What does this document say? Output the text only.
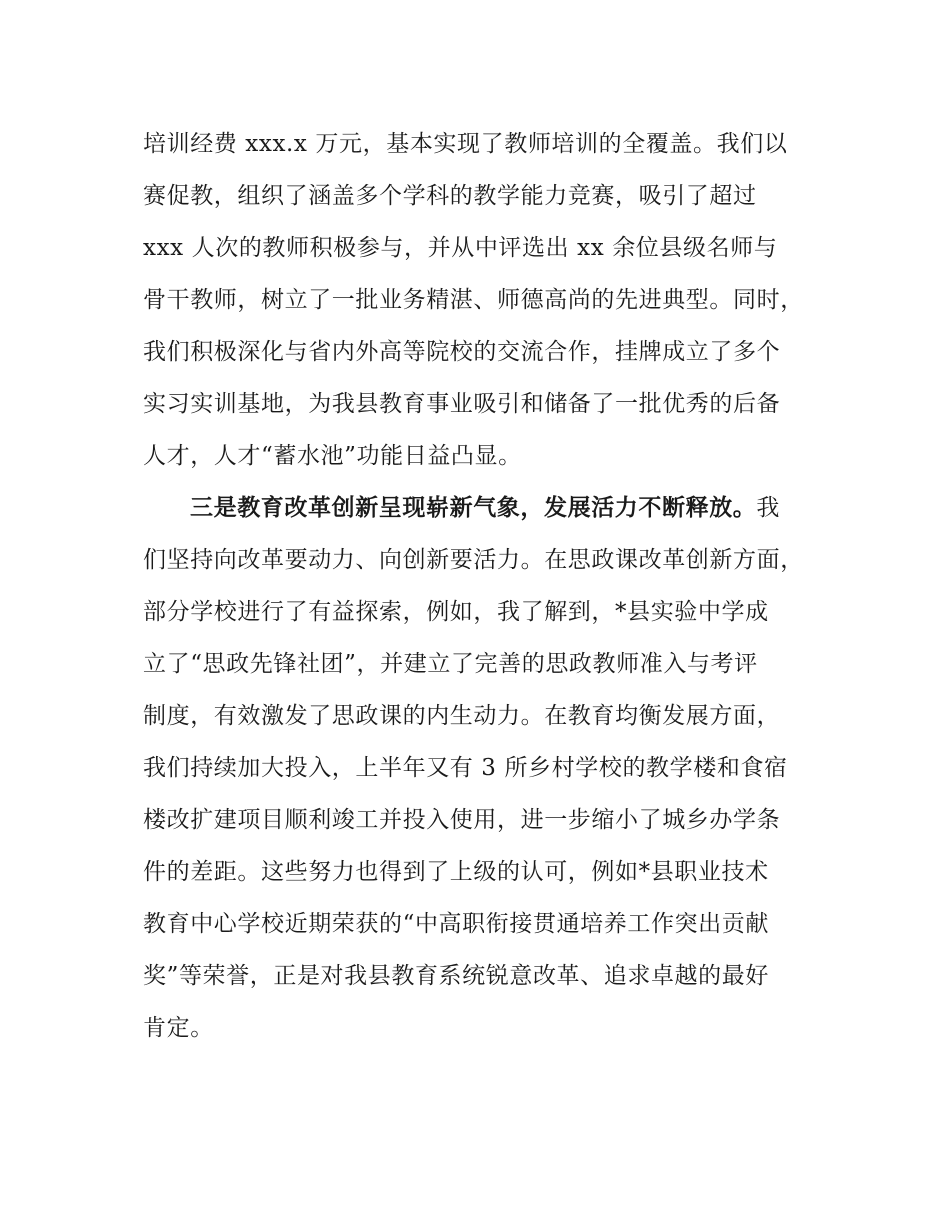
培训经费 xxx.x 万元，基本实现了教师培训的全覆盖。我们以
赛促教，组织了涵盖多个学科的教学能力竞赛，吸引了超过
xxx 人次的教师积极参与，并从中评选出 xx 余位县级名师与
骨干教师，树立了一批业务精湛、师德高尚的先进典型。同时，
我们积极深化与省内外高等院校的交流合作，挂牌成立了多个
实习实训基地，为我县教育事业吸引和储备了一批优秀的后备
人才，人才“蓄水池”功能日益凸显。
三是教育改革创新呈现崭新气象，发展活力不断释放。我
们坚持向改革要动力、向创新要活力。在思政课改革创新方面，
部分学校进行了有益探索，例如，我了解到，*县实验中学成
立了“思政先锋社团”，并建立了完善的思政教师准入与考评
制度，有效激发了思政课的内生动力。在教育均衡发展方面，
我们持续加大投入，上半年又有 3 所乡村学校的教学楼和食宿
楼改扩建项目顺利竣工并投入使用，进一步缩小了城乡办学条
件的差距。这些努力也得到了上级的认可，例如*县职业技术
教育中心学校近期荣获的“中高职衔接贯通培养工作突出贡献
奖”等荣誉，正是对我县教育系统锐意改革、追求卓越的最好
肯定。
